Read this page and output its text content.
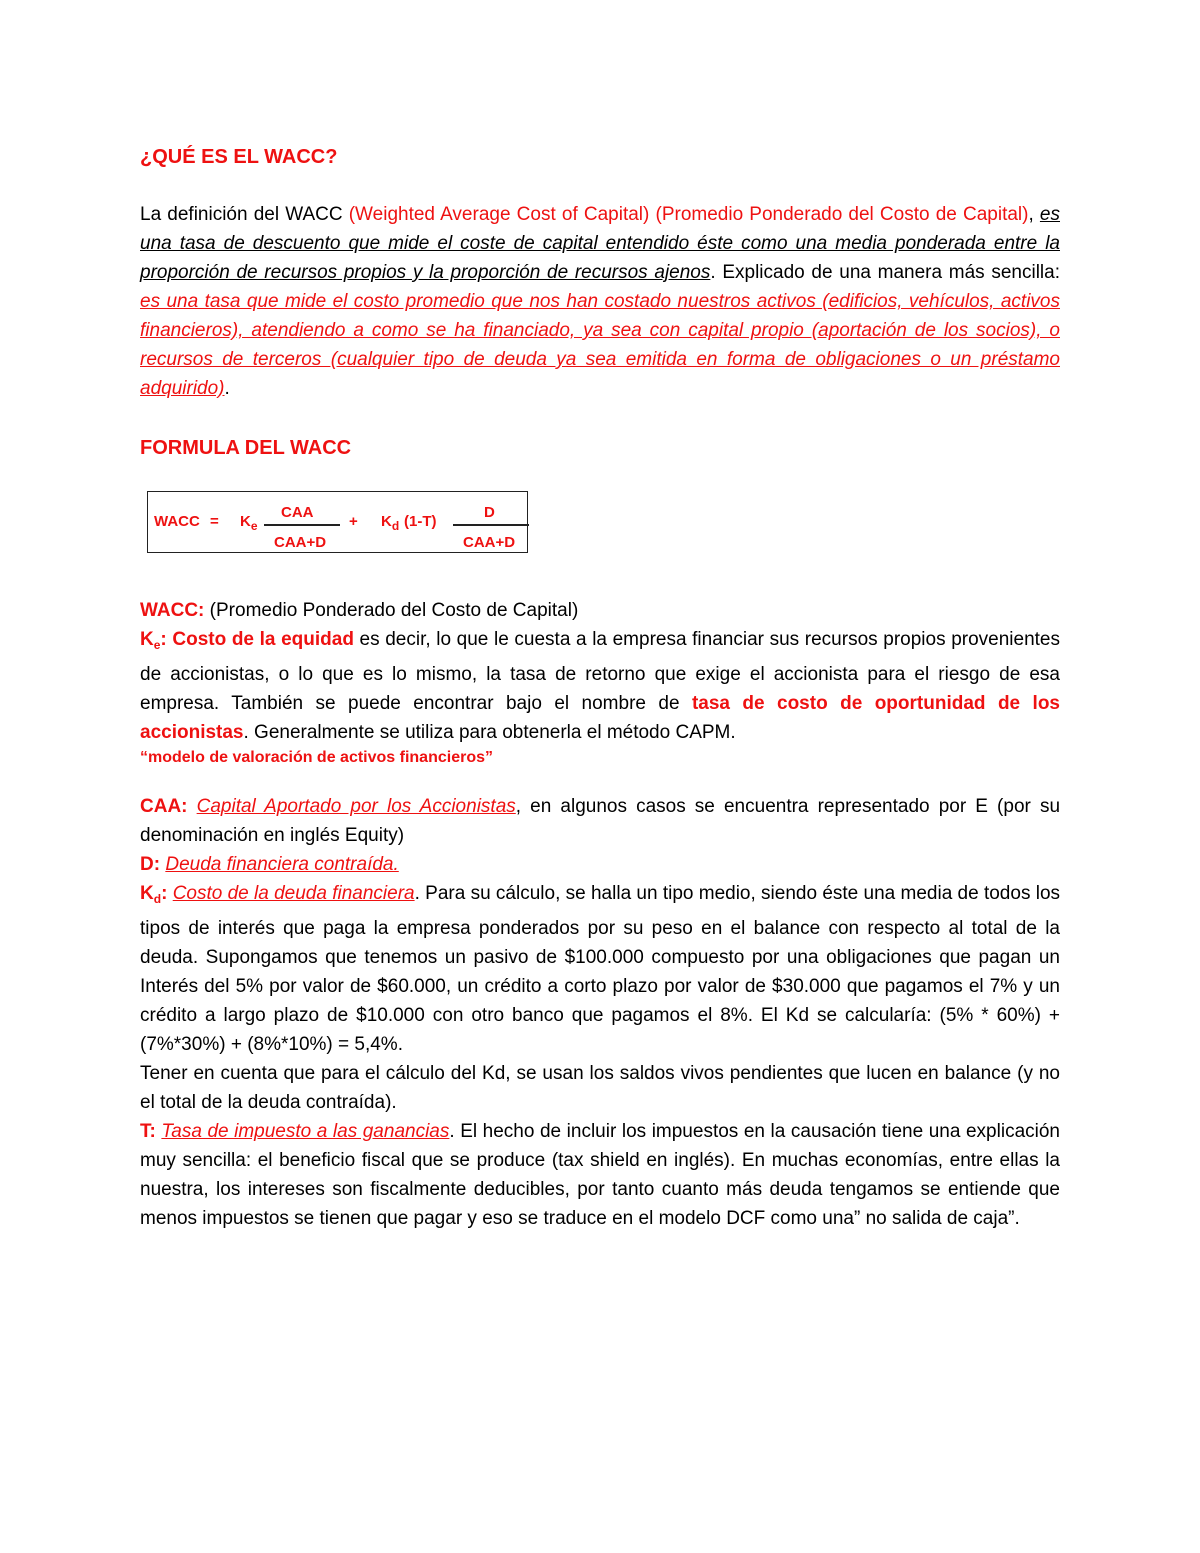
¿QUÉ ES EL WACC?
La definición del WACC (Weighted Average Cost of Capital) (Promedio Ponderado del Costo de Capital), es una tasa de descuento que mide el coste de capital entendido éste como una media ponderada entre la proporción de recursos propios y la proporción de recursos ajenos. Explicado de una manera más sencilla: es una tasa que mide el costo promedio que nos han costado nuestros activos (edificios, vehículos, activos financieros), atendiendo a como se ha financiado, ya sea con capital propio (aportación de los socios), o recursos de terceros (cualquier tipo de deuda ya sea emitida en forma de obligaciones o un préstamo adquirido).
FORMULA DEL WACC
WACC = $K_e$
CAA
CAA+D
+ $K_d$ (1-T)
D
CAA+D
WACC: (Promedio Ponderado del Costo de Capital)
$K_e$: Costo de la equidad es decir, lo que le cuesta a la empresa financiar sus recursos propios provenientes de accionistas, o lo que es lo mismo, la tasa de retorno que exige el accionista para el riesgo de esa empresa. También se puede encontrar bajo el nombre de tasa de costo de oportunidad de los accionistas. Generalmente se utiliza para obtenerla el método CAPM.
“modelo de valoración de activos financieros”
CAA: Capital Aportado por los Accionistas, en algunos casos se encuentra representado por E (por su denominación en inglés Equity)
D: Deuda financiera contraída.
$K_d$: Costo de la deuda financiera. Para su cálculo, se halla un tipo medio, siendo éste una media de todos los tipos de interés que paga la empresa ponderados por su peso en el balance con respecto al total de la deuda. Supongamos que tenemos un pasivo de $100.000 compuesto por una obligaciones que pagan un Interés del 5% por valor de $60.000, un crédito a corto plazo por valor de $30.000 que pagamos el 7% y un crédito a largo plazo de $10.000 con otro banco que pagamos el 8%. El Kd se calcularía: (5% * 60%) + (7%*30%) + (8%*10%) = 5,4%.
Tener en cuenta que para el cálculo del Kd, se usan los saldos vivos pendientes que lucen en balance (y no el total de la deuda contraída).
T: Tasa de impuesto a las ganancias. El hecho de incluir los impuestos en la causación tiene una explicación muy sencilla: el beneficio fiscal que se produce (tax shield en inglés). En muchas economías, entre ellas la nuestra, los intereses son fiscalmente deducibles, por tanto cuanto más deuda tengamos se entiende que menos impuestos se tienen que pagar y eso se traduce en el modelo DCF como una” no salida de caja”.
